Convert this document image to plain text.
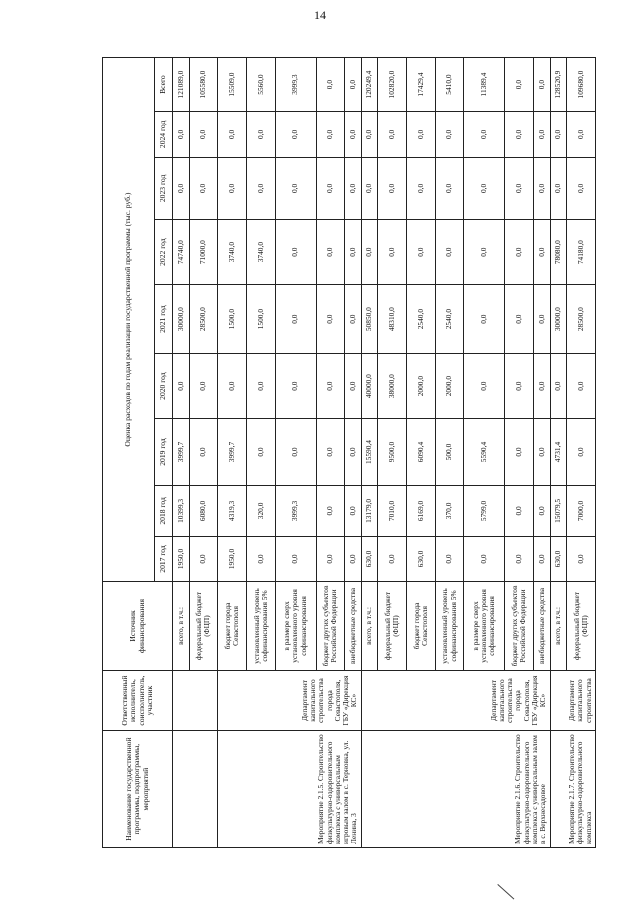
14
Наименование государственной программы, подпрограммы, мероприятий	Ответственный исполнитель, соисполнитель, участник	Источник финансирования	Оценка расходов по годам реализации государственной программы (тыс. руб.)								
			2017 год	2018 год	2019 год	2020 год	2021 год	2022 год	2023 год	2024 год	Всего
		всего, в т.ч.:	1950,0	10399,3	3999,7	0,0	30000,0	74740,0	0,0	0,0	121089,0
		федеральный бюджет (ФЦП)	0,0	6080,0	0,0	0,0	28500,0	71000,0	0,0	0,0	105580,0
Мероприятие 2.1.5. Строительство физкультурно-оздоровительного комплекса с универсальным игровым залом в с. Терновка, ул. Ленина, 3	Департамент капитального строительства города Севастополя, ГБУ «Дирекция КС»	бюджет города Севастополя	1950,0	4319,3	3999,7	0,0	1500,0	3740,0	0,0	0,0	15509,0
		установленный уровень софинансирования 5%	0,0	320,0	0,0	0,0	1500,0	3740,0	0,0	0,0	5560,0
		в размере сверх установленного уровня софинансирования	0,0	3999,3	0,0	0,0	0,0	0,0	0,0	0,0	3999,3
		бюджет других субъектов Российской Федерации	0,0	0,0	0,0	0,0	0,0	0,0	0,0	0,0	0,0
		внебюджетные средства	0,0	0,0	0,0	0,0	0,0	0,0	0,0	0,0	0,0
Мероприятие 2.1.6. Строительство физкультурно-оздоровительного комплекса с универсальным залом в с. Верхнесадовое	Департамент капитального строительства города Севастополя, ГБУ «Дирекция КС»	всего, в т.ч.:	630,0	13179,0	15590,4	40000,0	50850,0	0,0	0,0	0,0	120249,4
		федеральный бюджет (ФЦП)	0,0	7010,0	9500,0	38000,0	48310,0	0,0	0,0	0,0	102820,0
		бюджет города Севастополя	630,0	6169,0	6090,4	2000,0	2540,0	0,0	0,0	0,0	17429,4
		установленный уровень софинансирования 5%	0,0	370,0	500,0	2000,0	2540,0	0,0	0,0	0,0	5410,0
		в размере сверх установленного уровня софинансирования	0,0	5799,0	5590,4	0,0	0,0	0,0	0,0	0,0	11389,4
		бюджет других субъектов Российской Федерации	0,0	0,0	0,0	0,0	0,0	0,0	0,0	0,0	0,0
		внебюджетные средства	0,0	0,0	0,0	0,0	0,0	0,0	0,0	0,0	0,0
Мероприятие 2.1.7. Строительство физкультурно-оздоровительного комплекса	Департамент капитального строительства	всего, в т.ч.:	630,0	15079,5	4731,4	0,0	30000,0	78080,0	0,0	0,0	128520,9
		федеральный бюджет (ФЦП)	0,0	7000,0	0,0	0,0	28500,0	74180,0	0,0	0,0	109680,0
